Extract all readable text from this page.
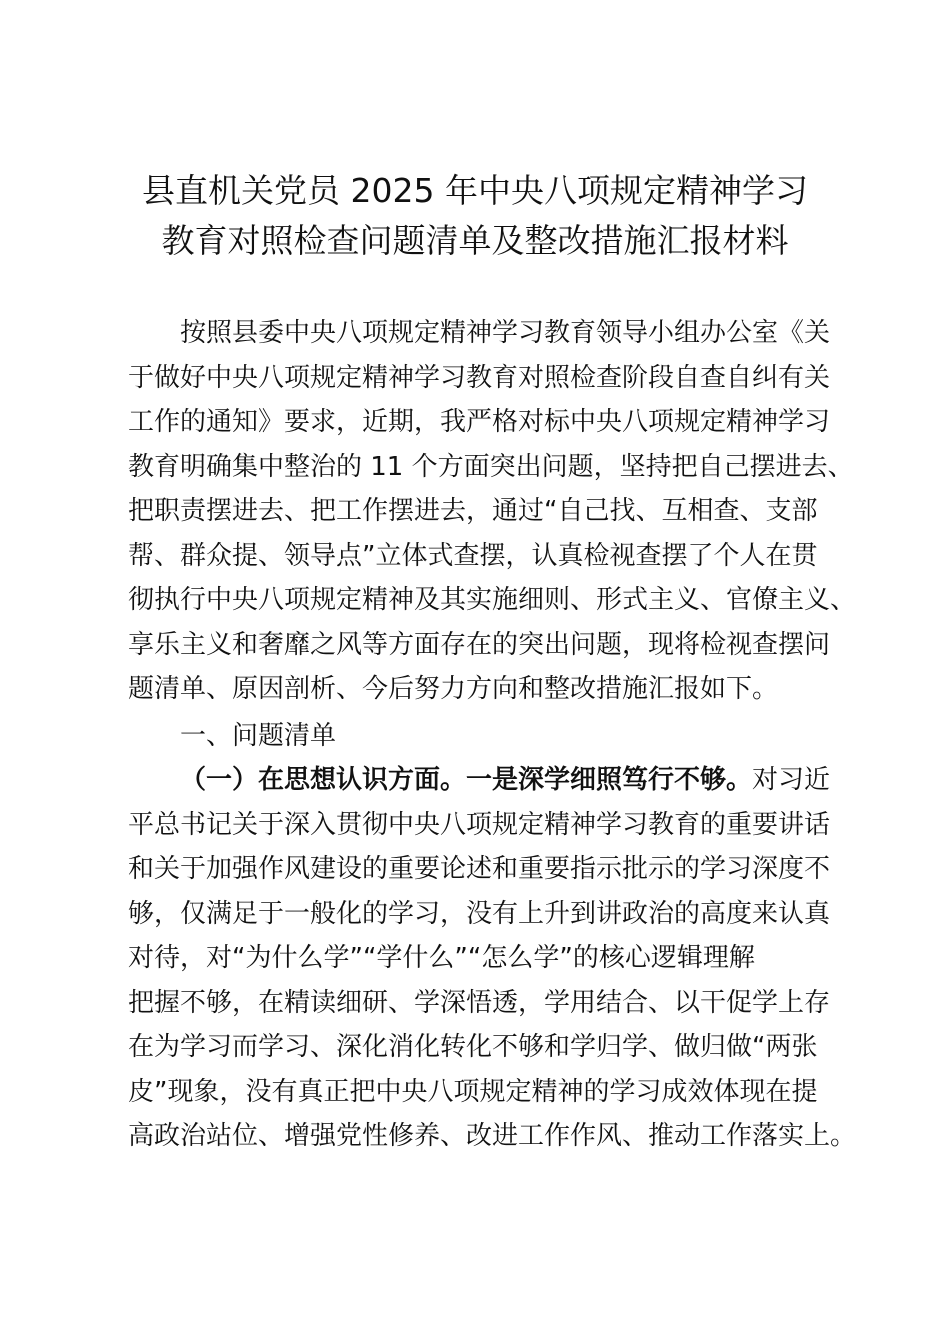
县直机关党员 2025 年中央八项规定精神学习
教育对照检查问题清单及整改措施汇报材料
按照县委中央八项规定精神学习教育领导小组办公室《关
于做好中央八项规定精神学习教育对照检查阶段自查自纠有关
工作的通知》要求，近期，我严格对标中央八项规定精神学习
教育明确集中整治的 11 个方面突出问题，坚持把自己摆进去、
把职责摆进去、把工作摆进去，通过“自己找、互相查、支部
帮、群众提、领导点”立体式查摆，认真检视查摆了个人在贯
彻执行中央八项规定精神及其实施细则、形式主义、官僚主义、
享乐主义和奢靡之风等方面存在的突出问题，现将检视查摆问
题清单、原因剖析、今后努力方向和整改措施汇报如下。
一、问题清单
（一）在思想认识方面。一是深学细照笃行不够。对习近
平总书记关于深入贯彻中央八项规定精神学习教育的重要讲话
和关于加强作风建设的重要论述和重要指示批示的学习深度不
够，仅满足于一般化的学习，没有上升到讲政治的高度来认真
对待，对“为什么学”“学什么”“怎么学”的核心逻辑理解
把握不够，在精读细研、学深悟透，学用结合、以干促学上存
在为学习而学习、深化消化转化不够和学归学、做归做“两张
皮”现象，没有真正把中央八项规定精神的学习成效体现在提
高政治站位、增强党性修养、改进工作作风、推动工作落实上。
